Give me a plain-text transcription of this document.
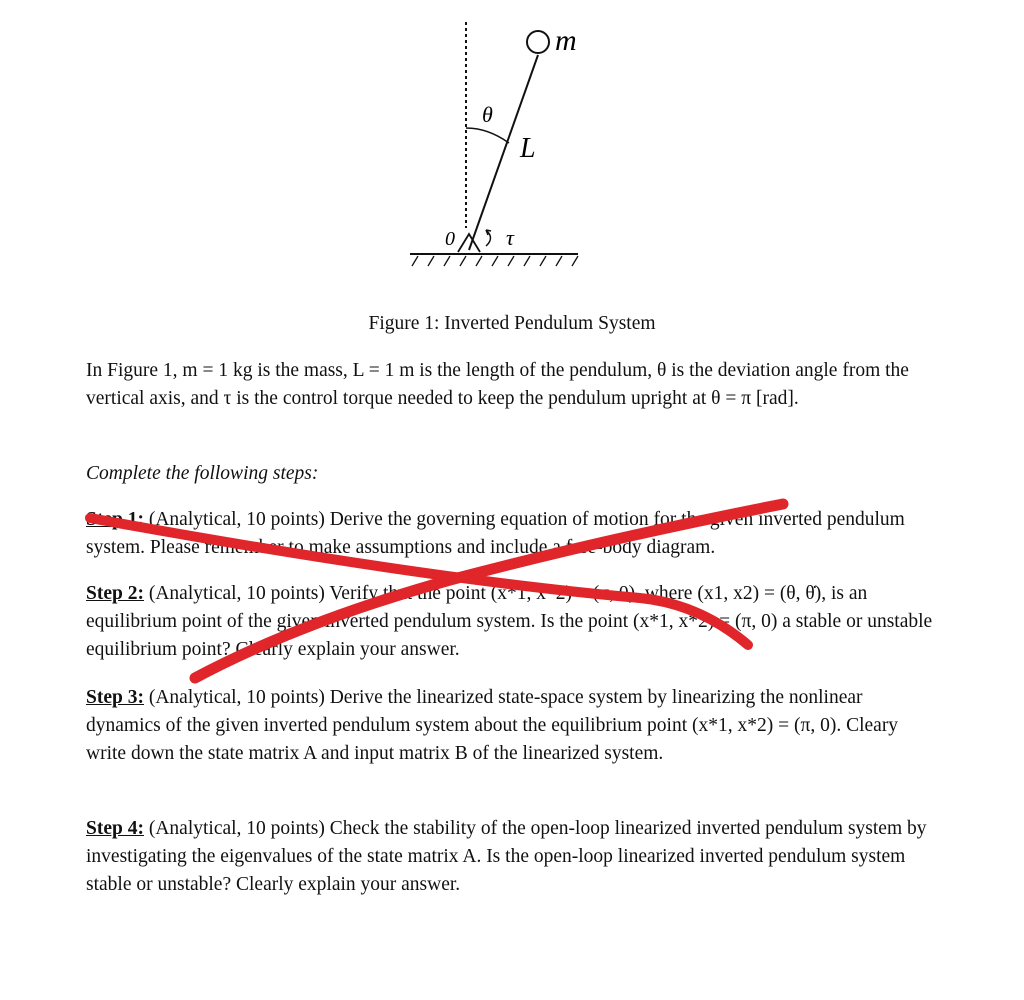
m
θ
L
0 τ
Figure 1: Inverted Pendulum System

In Figure 1, m = 1 kg is the mass, L = 1 m is the length of the pendulum, θ is the deviation angle from the vertical axis, and τ is the control torque needed to keep the pendulum upright at θ = π [rad].

Complete the following steps:

Step 1: (Analytical, 10 points) Derive the governing equation of motion for the given inverted pendulum system. Please remember to make assumptions and include a free-body diagram.

Step 2: (Analytical, 10 points) Verify that the point (x*1, x*2) = (π, 0), where (x1, x2) = (θ, θ̇), is an equilibrium point of the given inverted pendulum system. Is the point (x*1, x*2) = (π, 0) a stable or unstable equilibrium point? Clearly explain your answer.

Step 3: (Analytical, 10 points) Derive the linearized state-space system by linearizing the nonlinear dynamics of the given inverted pendulum system about the equilibrium point (x*1, x*2) = (π, 0). Cleary write down the state matrix A and input matrix B of the linearized system.

Step 4: (Analytical, 10 points) Check the stability of the open-loop linearized inverted pendulum system by investigating the eigenvalues of the state matrix A. Is the open-loop linearized inverted pendulum system stable or unstable? Clearly explain your answer.
